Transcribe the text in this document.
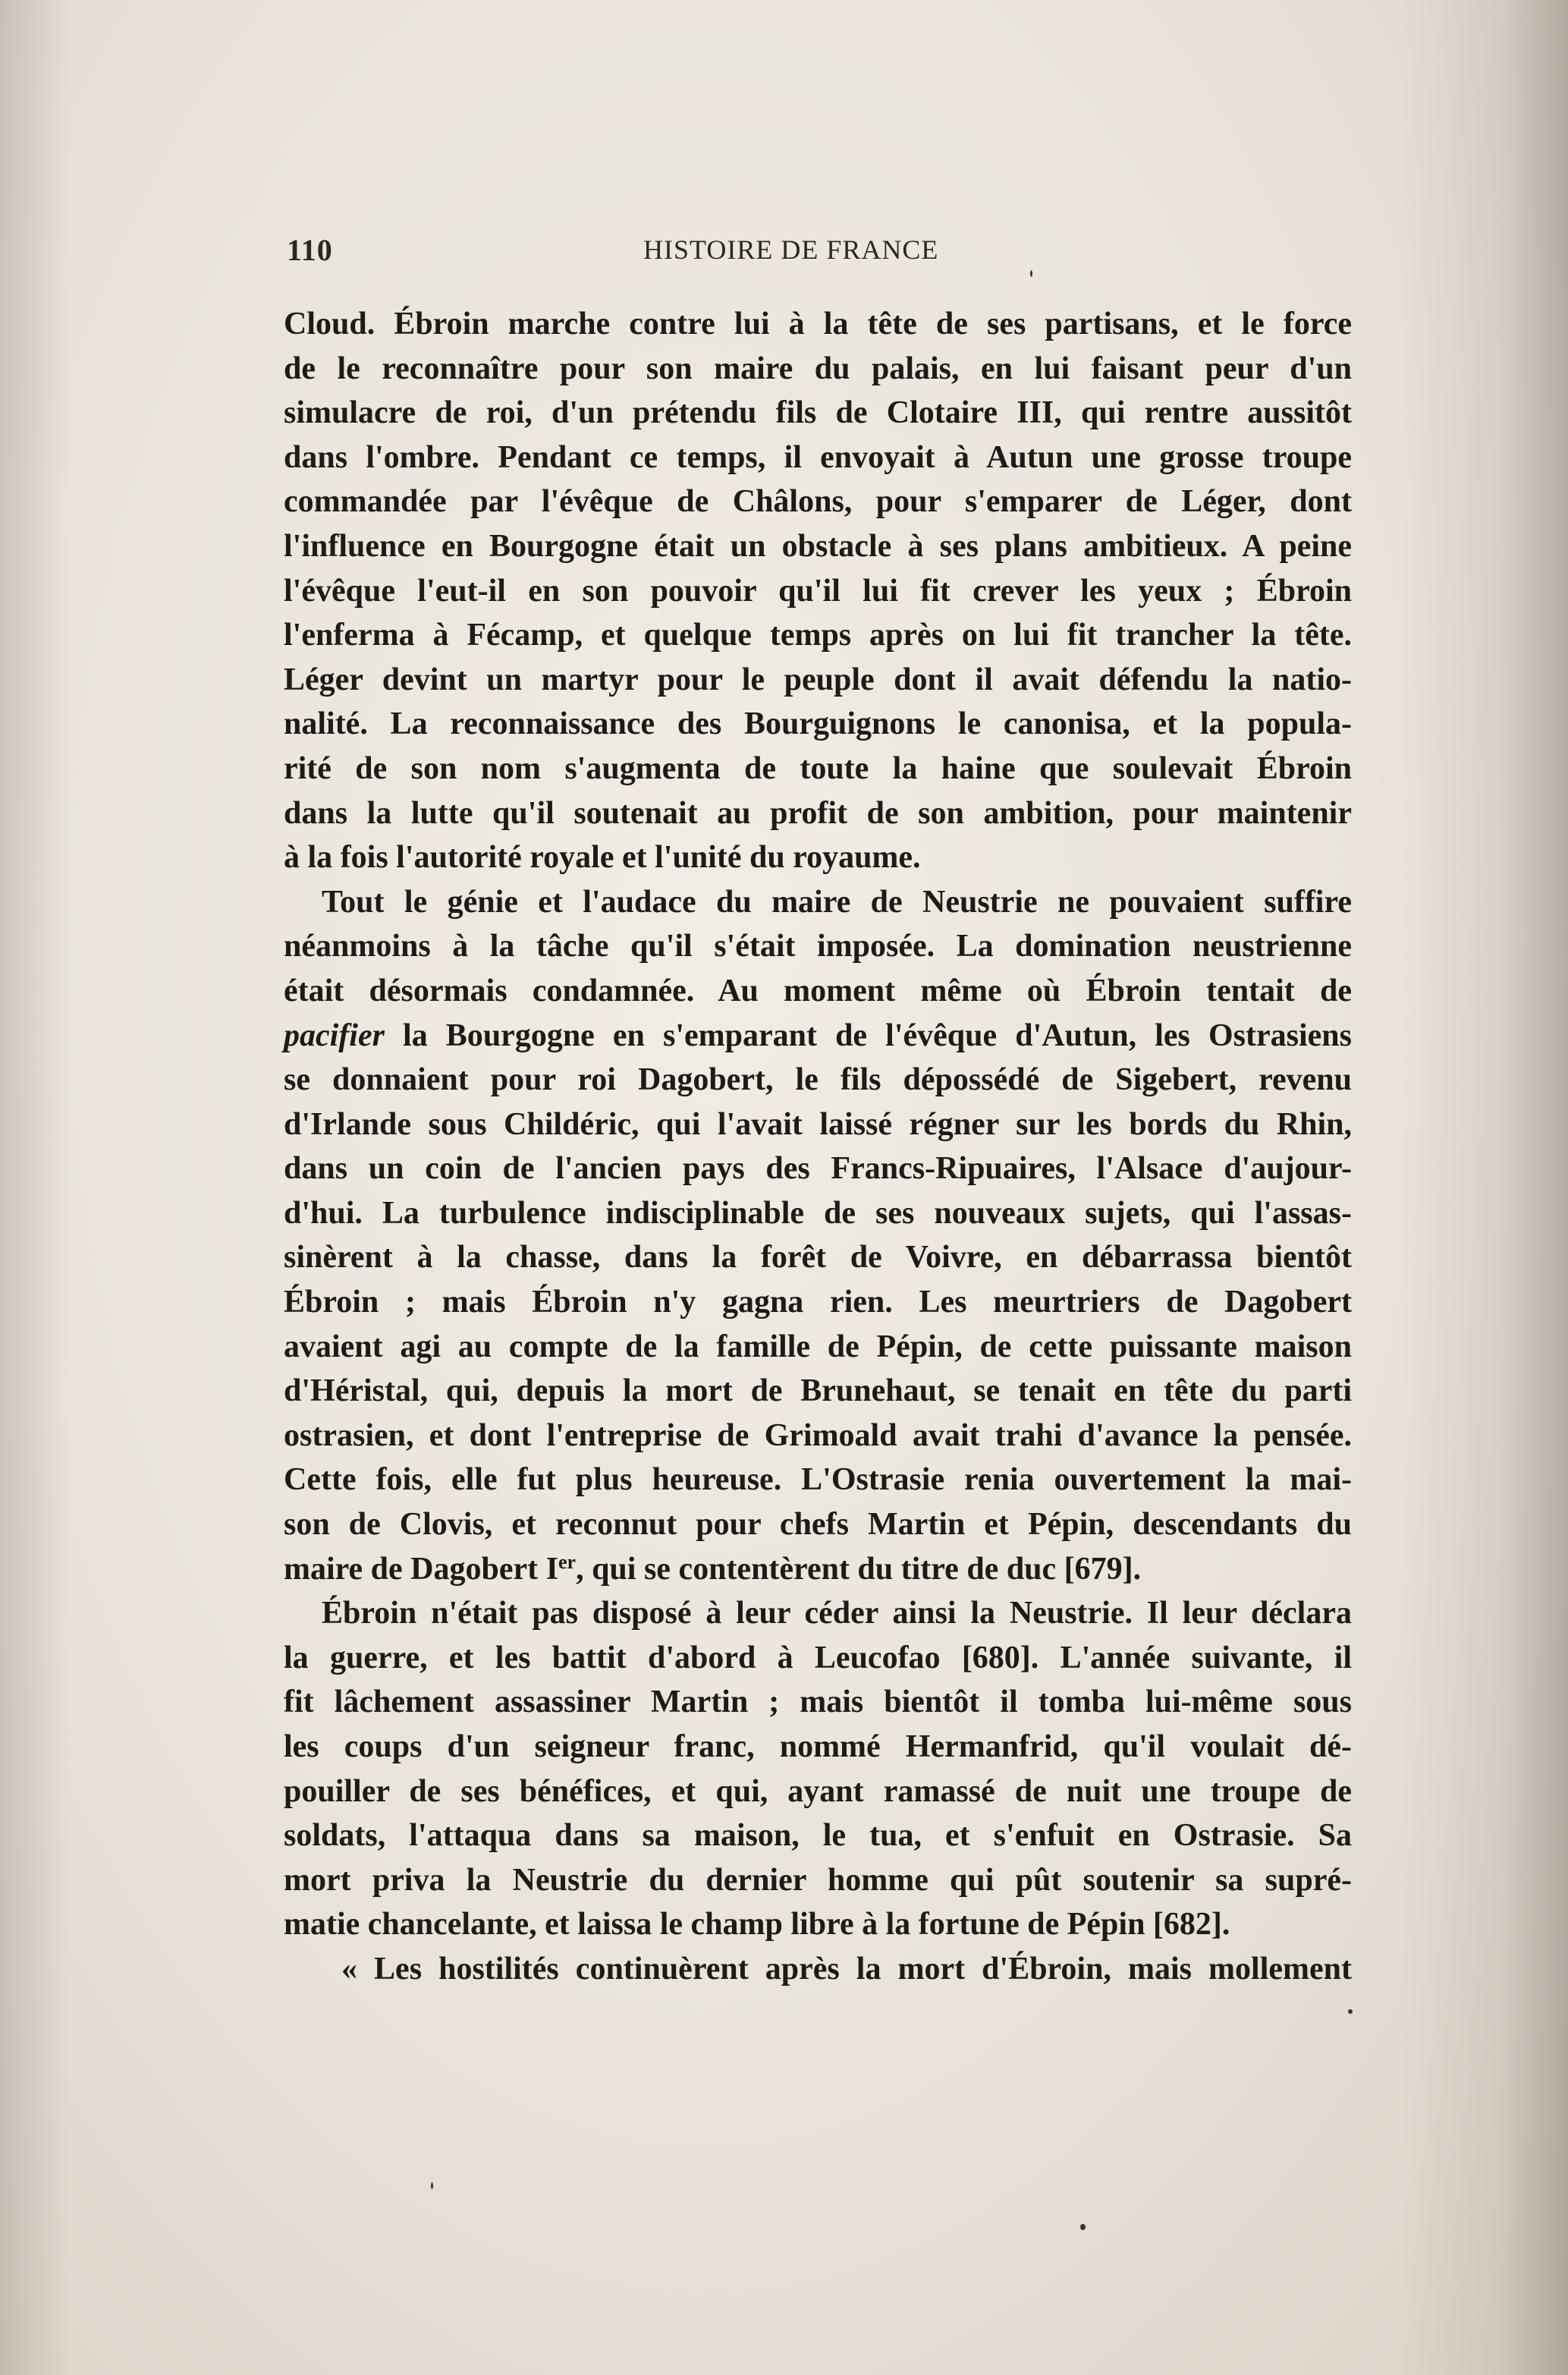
110	HISTOIRE DE FRANCE

Cloud. Ébroin marche contre lui à la tête de ses partisans, et le force

de le reconnaître pour son maire du palais, en lui faisant peur d'un

simulacre de roi, d'un prétendu fils de Clotaire III, qui rentre aussitôt

dans l'ombre. Pendant ce temps, il envoyait à Autun une grosse troupe

commandée par l'évêque de Châlons, pour s'emparer de Léger, dont

l'influence en Bourgogne était un obstacle à ses plans ambitieux. A peine

l'évêque l'eut-il en son pouvoir qu'il lui fit crever les yeux ; Ébroin

l'enferma à Fécamp, et quelque temps après on lui fit trancher la tête.

Léger devint un martyr pour le peuple dont il avait défendu la natio-

nalité. La reconnaissance des Bourguignons le canonisa, et la popula-

rité de son nom s'augmenta de toute la haine que soulevait Ébroin

dans la lutte qu'il soutenait au profit de son ambition, pour maintenir

à la fois l'autorité royale et l'unité du royaume.

Tout le génie et l'audace du maire de Neustrie ne pouvaient suffire

néanmoins à la tâche qu'il s'était imposée. La domination neustrienne

était désormais condamnée. Au moment même où Ébroin tentait de

pacifier la Bourgogne en s'emparant de l'évêque d'Autun, les Ostrasiens

se donnaient pour roi Dagobert, le fils dépossédé de Sigebert, revenu

d'Irlande sous Childéric, qui l'avait laissé régner sur les bords du Rhin,

dans un coin de l'ancien pays des Francs-Ripuaires, l'Alsace d'aujour-

d'hui. La turbulence indisciplinable de ses nouveaux sujets, qui l'assas-

sinèrent à la chasse, dans la forêt de Voivre, en débarrassa bientôt

Ébroin ; mais Ébroin n'y gagna rien. Les meurtriers de Dagobert

avaient agi au compte de la famille de Pépin, de cette puissante maison

d'Héristal, qui, depuis la mort de Brunehaut, se tenait en tête du parti

ostrasien, et dont l'entreprise de Grimoald avait trahi d'avance la pensée.

Cette fois, elle fut plus heureuse. L'Ostrasie renia ouvertement la mai-

son de Clovis, et reconnut pour chefs Martin et Pépin, descendants du

maire de Dagobert Ier, qui se contentèrent du titre de duc [679].

Ébroin n'était pas disposé à leur céder ainsi la Neustrie. Il leur déclara

la guerre, et les battit d'abord à Leucofao [680]. L'année suivante, il

fit lâchement assassiner Martin ; mais bientôt il tomba lui-même sous

les coups d'un seigneur franc, nommé Hermanfrid, qu'il voulait dé-

pouiller de ses bénéfices, et qui, ayant ramassé de nuit une troupe de

soldats, l'attaqua dans sa maison, le tua, et s'enfuit en Ostrasie. Sa

mort priva la Neustrie du dernier homme qui pût soutenir sa supré-

matie chancelante, et laissa le champ libre à la fortune de Pépin [682].

« Les hostilités continuèrent après la mort d'Ébroin, mais mollement
